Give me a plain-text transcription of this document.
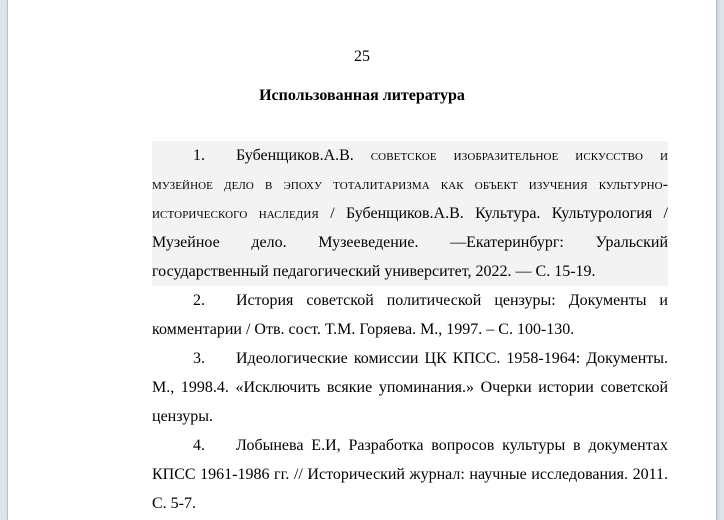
25
Использованная литература

1. Бубенщиков.А.В. советское изобразительное искусство и музейное дело в эпоху тоталитаризма как объект изучения культурно-исторического наследия / Бубенщиков.А.В. Культура. Культурология / Музейное дело. Музееведение. —Екатеринбург: Уральский государственный педагогический университет, 2022. — С. 15-19.

2. История советской политической цензуры: Документы и комментарии / Отв. сост. Т.М. Горяева. М., 1997. – С. 100-130.

3. Идеологические комиссии ЦК КПСС. 1958-1964: Документы. М., 1998.4. «Исключить всякие упоминания.» Очерки истории советской цензуры.

4. Лобынева Е.И, Разработка вопросов культуры в документах КПСС 1961-1986 гг. // Исторический журнал: научные исследования. 2011. С. 5-7.
